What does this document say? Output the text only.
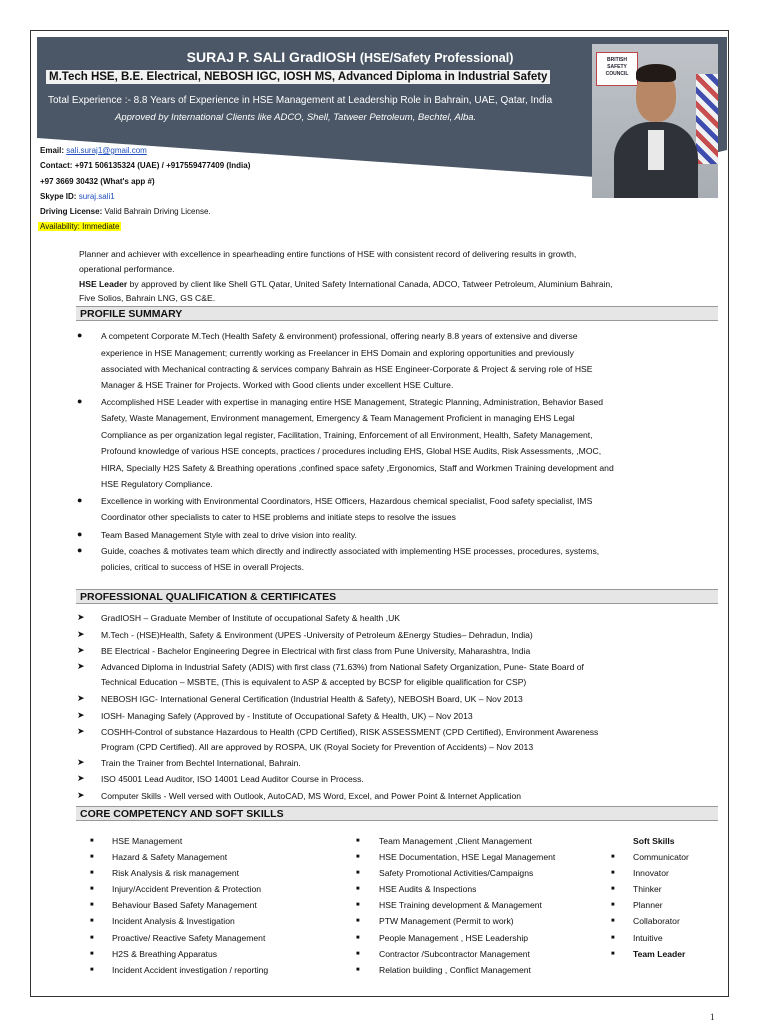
SURAJ P. SALI GradIOSH (HSE/Safety Professional)
M.Tech HSE, B.E. Electrical, NEBOSH IGC, IOSH MS, Advanced Diploma in Industrial Safety
Total Experience :- 8.8 Years of Experience in HSE Management at Leadership Role in Bahrain, UAE, Qatar, India
Approved by International Clients like ADCO, Shell, Tatweer Petroleum, Bechtel, Alba.
BRITISH SAFETY COUNCIL
Email: sali.suraj1@gmail.com
Contact: +971 506135324 (UAE) / +917559477409 (India)
+97 3669 30432 (What's app #)
Skype ID: suraj.sali1
Driving License: Valid Bahrain Driving License.
Availability: Immediate
Planner and achiever with excellence in spearheading entire functions of HSE with consistent record of delivering results in growth,
operational performance.
HSE Leader by approved by client like Shell GTL Qatar, United Safety International Canada, ADCO, Tatweer Petroleum, Aluminium Bahrain,
Five Solios, Bahrain LNG, GS C&E.
PROFILE SUMMARY
●
●
●
●
●
A competent Corporate M.Tech (Health Safety & environment) professional, offering nearly 8.8 years of extensive and diverse
experience in HSE Management; currently working as Freelancer in EHS Domain and exploring opportunities and previously
associated with Mechanical contracting & services company Bahrain as HSE Engineer-Corporate & Project & serving role of HSE
Manager & HSE Trainer for Projects. Worked with Good clients under excellent HSE Culture.
Accomplished HSE Leader with expertise in managing entire HSE Management, Strategic Planning, Administration, Behavior Based
Safety, Waste Management, Environment management, Emergency & Team Management Proficient in managing EHS Legal
Compliance as per organization legal register, Facilitation, Training, Enforcement of all Environment, Health, Safety Management,
Profound knowledge of various HSE concepts, practices / procedures including EHS, Global HSE Audits, Risk Assessments, ,MOC,
HIRA, Specially H2S Safety & Breathing operations ,confined space safety ,Ergonomics, Staff and Workmen Training development and
HSE Regulatory Compliance.
Excellence in working with Environmental Coordinators, HSE Officers, Hazardous chemical specialist, Food safety specialist, IMS
Coordinator other specialists to cater to HSE problems and initiate steps to resolve the issues
Team Based Management Style with zeal to drive vision into reality.
Guide, coaches & motivates team which directly and indirectly associated with implementing HSE processes, procedures, systems,
policies, critical to success of HSE in overall Projects.
PROFESSIONAL QUALIFICATION & CERTIFICATES
➤
➤
➤
➤
➤
➤
➤
➤
➤
➤
GradIOSH – Graduate Member of Institute of occupational Safety & health ,UK
M.Tech - (HSE)Health, Safety & Environment (UPES -University of Petroleum &Energy Studies– Dehradun, India)
BE Electrical - Bachelor Engineering Degree in Electrical with first class from Pune University, Maharashtra, India
Advanced Diploma in Industrial Safety (ADIS) with first class (71.63%) from National Safety Organization, Pune- State Board of
Technical Education – MSBTE, (This is equivalent to ASP & accepted by BCSP for eligible qualification for CSP)
NEBOSH IGC- International General Certification (Industrial Health & Safety), NEBOSH Board, UK – Nov 2013
IOSH- Managing Safely (Approved by - Institute of Occupational Safety & Health, UK) – Nov 2013
COSHH-Control of substance Hazardous to Health (CPD Certified), RISK ASSESSMENT (CPD Certified), Environment Awareness
Program (CPD Certified). All are approved by ROSPA, UK (Royal Society for Prevention of Accidents) – Nov 2013
Train the Trainer from Bechtel International, Bahrain.
ISO 45001 Lead Auditor, ISO 14001 Lead Auditor Course in Process.
Computer Skills - Well versed with Outlook, AutoCAD, MS Word, Excel, and Power Point & Internet Application
CORE COMPETENCY AND SOFT SKILLS
■ HSE Management
■ Hazard & Safety Management
■ Risk Analysis & risk management
■ Injury/Accident Prevention & Protection
■ Behaviour Based Safety Management
■ Incident Analysis & Investigation
■ Proactive/ Reactive Safety Management
■ H2S & Breathing Apparatus
■ Incident Accident investigation / reporting
■ Team Management ,Client Management
■ HSE Documentation, HSE Legal Management
■ Safety Promotional Activities/Campaigns
■ HSE Audits & Inspections
■ HSE Training development & Management
■ PTW Management (Permit to work)
■ People Management , HSE Leadership
■ Contractor /Subcontractor Management
■ Relation building , Conflict Management
Soft Skills
■ Communicator
■ Innovator
■ Thinker
■ Planner
■ Collaborator
■ Intuitive
■ Team Leader
1
